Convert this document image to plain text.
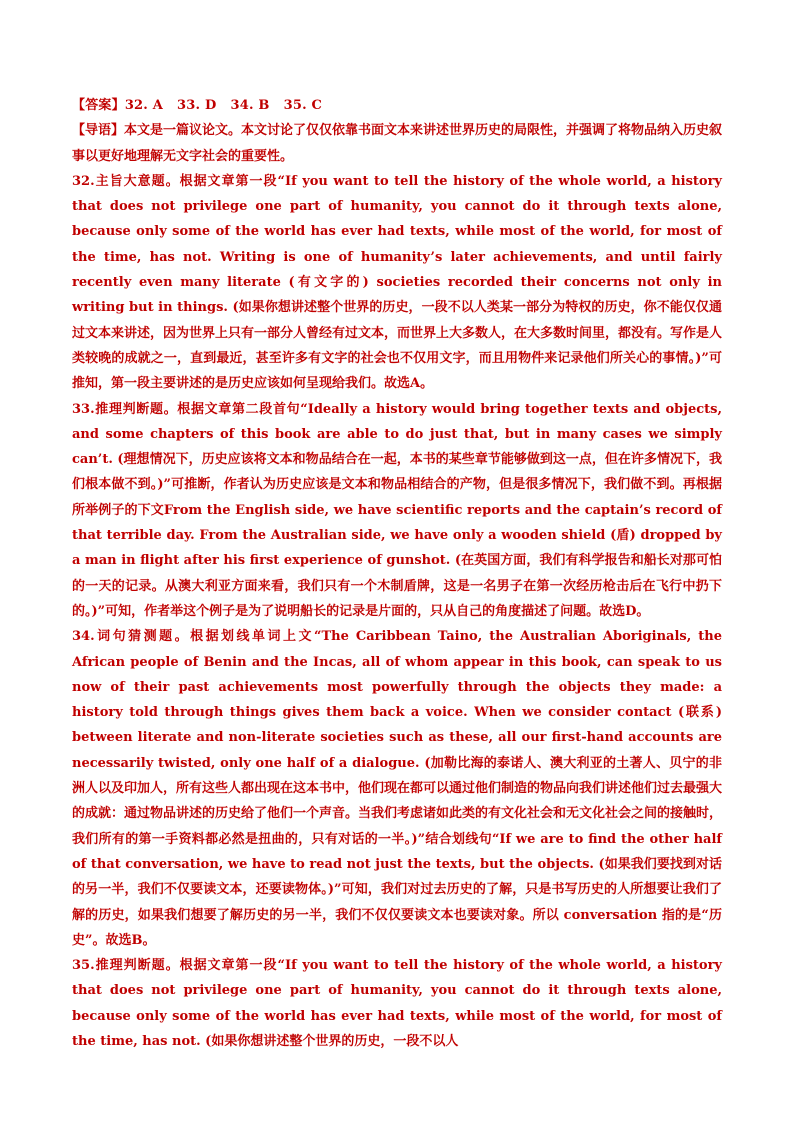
【答案】32. A 33. D 34. B 35. C

【导语】本文是一篇议论文。本文讨论了仅仅依靠书面文本来讲述世界历史的局限性，并强调了将物品纳入历史叙事以更好地理解无文字社会的重要性。

32.主旨大意题。根据文章第一段“If you want to tell the history of the whole world, a history that does not privilege one part of humanity, you cannot do it through texts alone, because only some of the world has ever had texts, while most of the world, for most of the time, has not. Writing is one of humanity’s later achievements, and until fairly recently even many literate (有文字的) societies recorded their concerns not only in writing but in things. (如果你想讲述整个世界的历史，一段不以人类某一部分为特权的历史，你不能仅仅通过文本来讲述，因为世界上只有一部分人曾经有过文本，而世界上大多数人，在大多数时间里，都没有。写作是人类较晚的成就之一，直到最近，甚至许多有文字的社会也不仅用文字，而且用物件来记录他们所关心的事情。)”可推知，第一段主要讲述的是历史应该如何呈现给我们。故选A。

33.推理判断题。根据文章第二段首句“Ideally a history would bring together texts and objects, and some chapters of this book are able to do just that, but in many cases we simply can’t. (理想情况下，历史应该将文本和物品结合在一起，本书的某些章节能够做到这一点，但在许多情况下，我们根本做不到。)”可推断，作者认为历史应该是文本和物品相结合的产物，但是很多情况下，我们做不到。再根据所举例子的下文From the English side, we have scientific reports and the captain’s record of that terrible day. From the Australian side, we have only a wooden shield (盾) dropped by a man in flight after his first experience of gunshot. (在英国方面，我们有科学报告和船长对那可怕的一天的记录。从澳大利亚方面来看，我们只有一个木制盾牌，这是一名男子在第一次经历枪击后在飞行中扔下的。)”可知，作者举这个例子是为了说明船长的记录是片面的，只从自己的角度描述了问题。故选D。

34.词句猜测题。根据划线单词上文“The Caribbean Taino, the Australian Aboriginals, the African people of Benin and the Incas, all of whom appear in this book, can speak to us now of their past achievements most powerfully through the objects they made: a history told through things gives them back a voice. When we consider contact (联系) between literate and non-literate societies such as these, all our first-hand accounts are necessarily twisted, only one half of a dialogue. (加勒比海的泰诺人、澳大利亚的土著人、贝宁的非洲人以及印加人，所有这些人都出现在这本书中，他们现在都可以通过他们制造的物品向我们讲述他们过去最强大的成就：通过物品讲述的历史给了他们一个声音。当我们考虑诸如此类的有文化社会和无文化社会之间的接触时，我们所有的第一手资料都必然是扭曲的，只有对话的一半。)”结合划线句“If we are to find the other half of that conversation, we have to read not just the texts, but the objects. (如果我们要找到对话的另一半，我们不仅要读文本，还要读物体。)”可知，我们对过去历史的了解，只是书写历史的人所想要让我们了解的历史，如果我们想要了解历史的另一半，我们不仅仅要读文本也要读对象。所以 conversation 指的是“历史”。故选B。

35.推理判断题。根据文章第一段“If you want to tell the history of the whole world, a history that does not privilege one part of humanity, you cannot do it through texts alone, because only some of the world has ever had texts, while most of the world, for most of the time, has not. (如果你想讲述整个世界的历史，一段不以人
